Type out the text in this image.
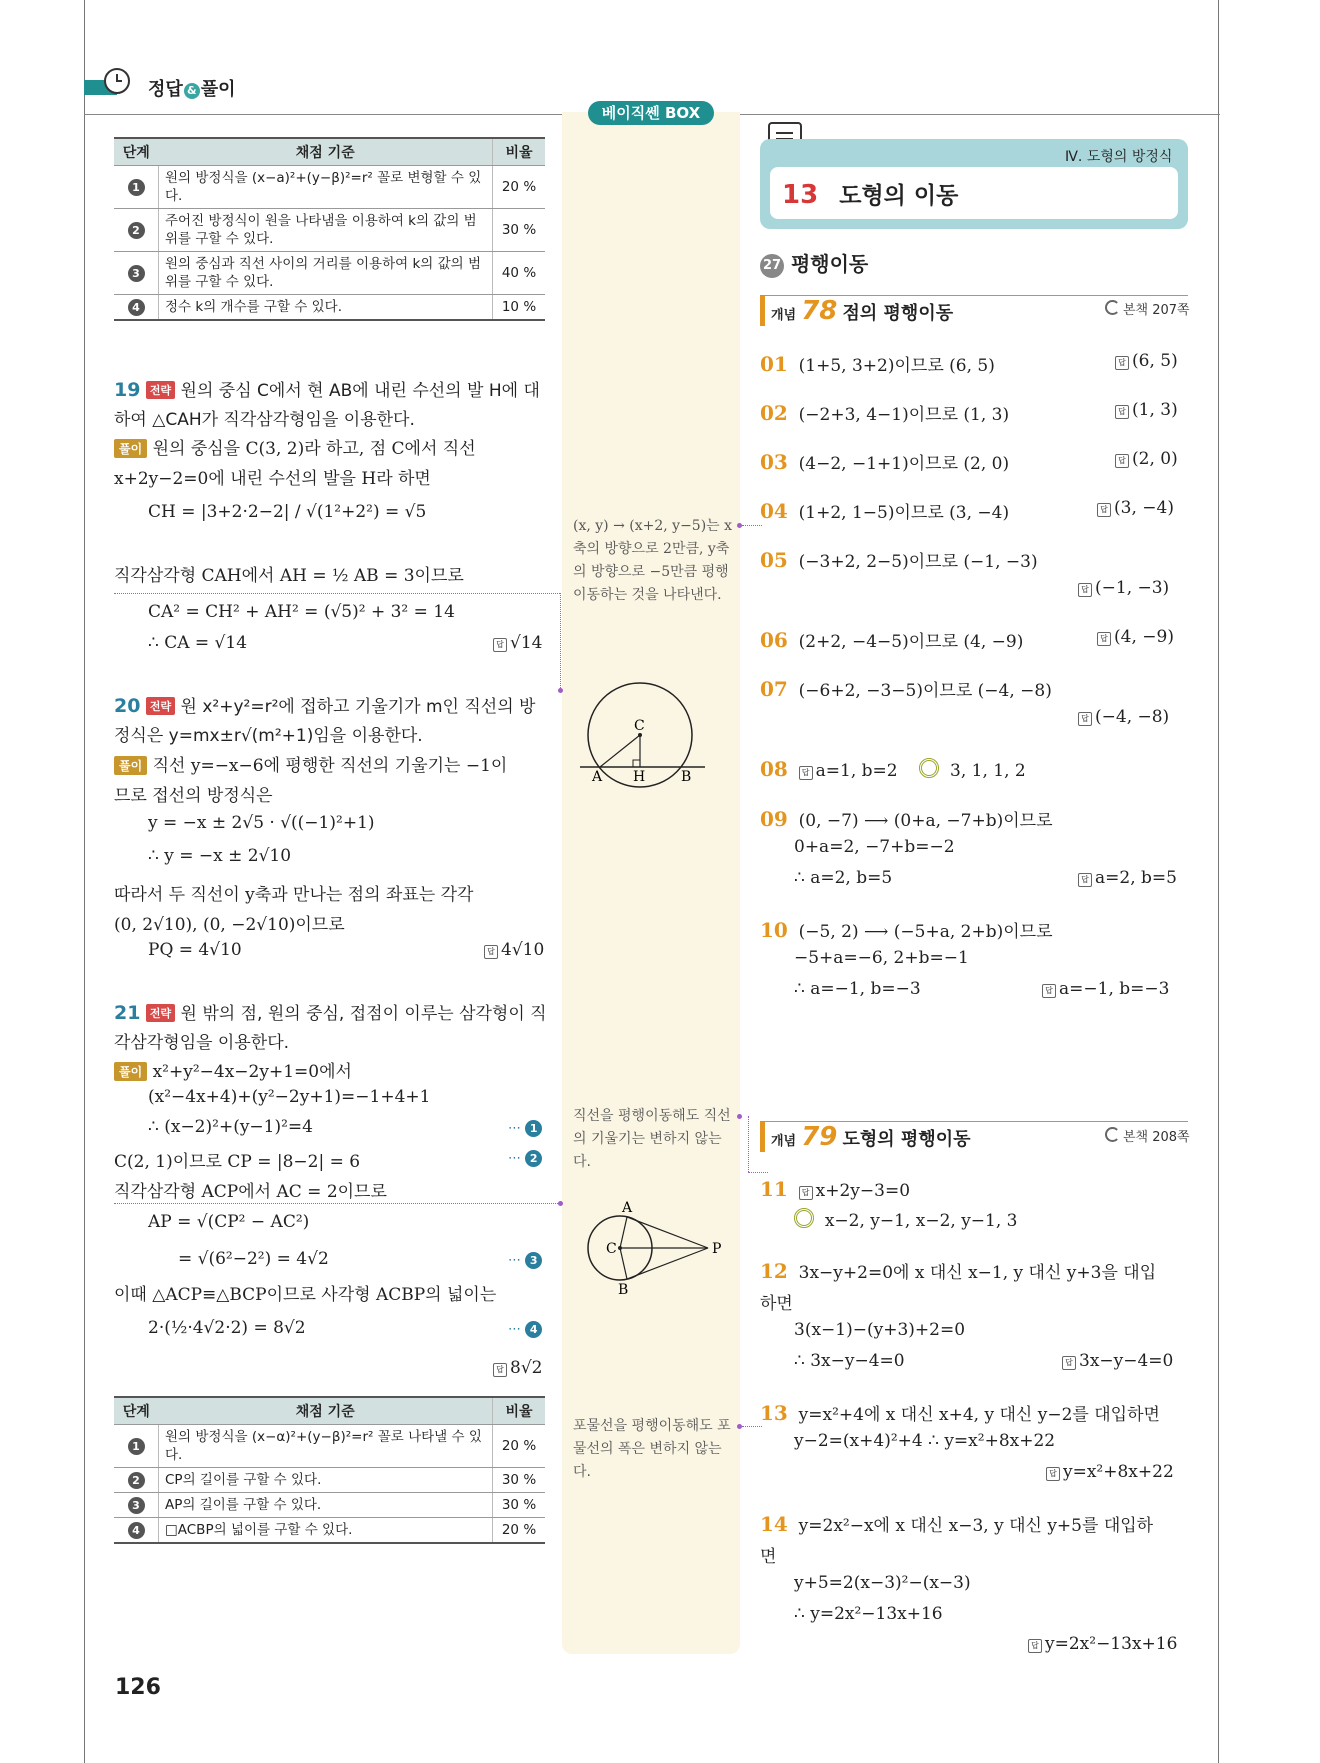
정답 & 풀이
베이직쎈 BOX
단계	채점 기준	비율
1	원의 방정식을 (x−a)²+(y−β)²=r² 꼴로 변형할 수 있다.	20 %
2	주어진 방정식이 원을 나타냄을 이용하여 k의 값의 범위를 구할 수 있다.	30 %
3	원의 중심과 직선 사이의 거리를 이용하여 k의 값의 범위를 구할 수 있다.	40 %
4	정수 k의 개수를 구할 수 있다.	10 %
19 전략 원의 중심 C에서 현 AB에 내린 수선의 발 H에 대
하여 △CAH가 직각삼각형임을 이용한다.
풀이 원의 중심을 C(3, 2)라 하고, 점 C에서 직선
x+2y−2=0에 내린 수선의 발을 H라 하면
CH = |3+2·2−2| / √(1²+2²) = √5
직각삼각형 CAH에서 AH = ½ AB = 3이므로
CA² = CH² + AH² = (√5)² + 3² = 14
∴ CA = √14	답 √14
20 전략 원 x²+y²=r²에 접하고 기울기가 m인 직선의 방
정식은 y=mx±r√(m²+1)임을 이용한다.
풀이 직선 y=−x−6에 평행한 직선의 기울기는 −1이
므로 접선의 방정식은
y = −x ± 2√5 · √((−1)²+1)
∴ y = −x ± 2√10
따라서 두 직선이 y축과 만나는 점의 좌표는 각각
(0, 2√10), (0, −2√10)이므로
PQ = 4√10	답 4√10
21 전략 원 밖의 점, 원의 중심, 접점이 이루는 삼각형이 직
각삼각형임을 이용한다.
풀이 x²+y²−4x−2y+1=0에서
(x²−4x+4)+(y²−2y+1)=−1+4+1
∴ (x−2)²+(y−1)²=4
C(2, 1)이므로 CP = |8−2| = 6
직각삼각형 ACP에서 AC = 2이므로
AP = √(CP² − AC²)
= √(6²−2²) = 4√2
이때 △ACP≡△BCP이므로 사각형 ACBP의 넓이는
2·(½·4√2·2) = 8√2
⋯ 1
⋯ 2
⋯ 3
⋯ 4
답 8√2
단계	채점 기준	비율
1	원의 방정식을 (x−α)²+(y−β)²=r² 꼴로 나타낼 수 있다.	20 %
2	CP의 길이를 구할 수 있다.	30 %
3	AP의 길이를 구할 수 있다.	30 %
4	□ACBP의 넓이를 구할 수 있다.	20 %
(x, y) → (x+2, y−5)는 x축의 방향으로 2만큼, y축의 방향으로 −5만큼 평행이동하는 것을 나타낸다.
C
A H	B
직선을 평행이동해도 직선의 기울기는 변하지 않는다.
A
C	P
B
포물선을 평행이동해도 포물선의 폭은 변하지 않는다.
Ⅳ. 도형의 방정식
13 도형의 이동
27 평행이동
개념 78 점의 평행이동	본책 207쪽
01 (1+5, 3+2)이므로 (6, 5)	답 (6, 5)
02 (−2+3, 4−1)이므로 (1, 3)	답 (1, 3)
03 (4−2, −1+1)이므로 (2, 0)	답 (2, 0)
04 (1+2, 1−5)이므로 (3, −4)	답 (3, −4)
05 (−3+2, 2−5)이므로 (−1, −3)
답 (−1, −3)
06 (2+2, −4−5)이므로 (4, −9)	답 (4, −9)
07 (−6+2, −3−5)이므로 (−4, −8)
답 (−4, −8)
08 답 a=1, b=2	3, 1, 1, 2
09 (0, −7) ⟶ (0+a, −7+b)이므로
0+a=2, −7+b=−2
∴ a=2, b=5	답 a=2, b=5
10 (−5, 2) ⟶ (−5+a, 2+b)이므로
−5+a=−6, 2+b=−1
∴ a=−1, b=−3	답 a=−1, b=−3
개념 79 도형의 평행이동	본책 208쪽
11 답 x+2y−3=0
x−2, y−1, x−2, y−1, 3
12 3x−y+2=0에 x 대신 x−1, y 대신 y+3을 대입
하면
3(x−1)−(y+3)+2=0
∴ 3x−y−4=0	답 3x−y−4=0
13 y=x²+4에 x 대신 x+4, y 대신 y−2를 대입하면
y−2=(x+4)²+4 ∴ y=x²+8x+22
답 y=x²+8x+22
14 y=2x²−x에 x 대신 x−3, y 대신 y+5를 대입하
면
y+5=2(x−3)²−(x−3)
∴ y=2x²−13x+16
답 y=2x²−13x+16
126
